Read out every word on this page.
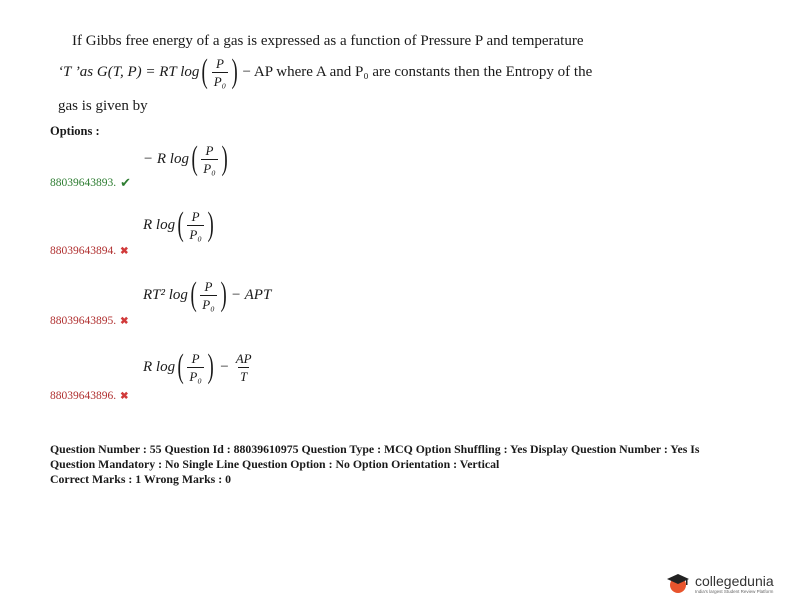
If Gibbs free energy of a gas is expressed as a function of Pressure P and temperature
‘T ’as G(T, P) = RT log ( $\frac{P}{\text{P₀}}$ ) − AP where A and P₀ are constants then the Entropy of the
gas is given by
Options :
− R log ( $\frac{P}{\text{P₀}}$ )
88039643893. ✔
R log ( $\frac{P}{\text{P₀}}$ )
88039643894. ✖
RT² log ( $\frac{P}{\text{P₀}}$ ) − APT
88039643895. ✖
R log ( $\frac{P}{\text{P₀}}$ ) − $\frac{AP}{T}$
88039643896. ✖
Question Number : 55 Question Id : 88039610975 Question Type : MCQ Option Shuffling : Yes Display Question Number : Yes Is
Question Mandatory : No Single Line Question Option : No Option Orientation : Vertical
Correct Marks : 1 Wrong Marks : 0
collegedunia
India's largest Student Review Platform
